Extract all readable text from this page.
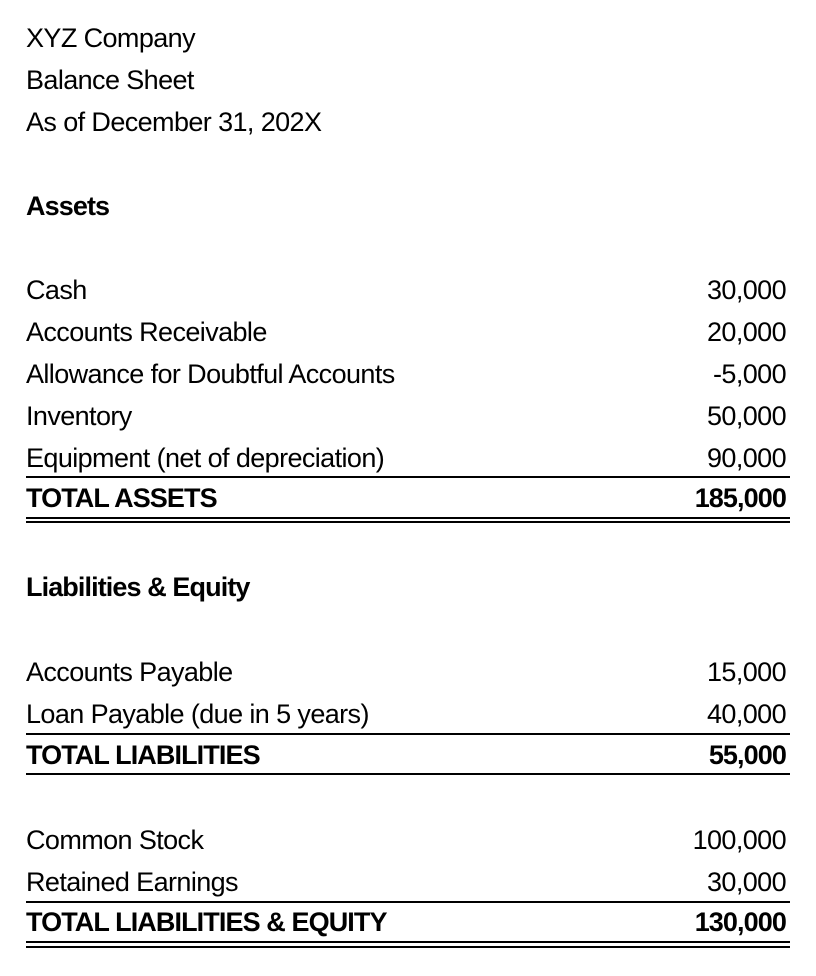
XYZ Company
Balance Sheet
As of December 31, 202X
Assets
Cash	30,000
Accounts Receivable	20,000
Allowance for Doubtful Accounts	-5,000
Inventory	50,000
Equipment (net of depreciation)	90,000
TOTAL ASSETS	185,000
Liabilities & Equity
Accounts Payable	15,000
Loan Payable (due in 5 years)	40,000
TOTAL LIABILITIES	55,000
Common Stock	100,000
Retained Earnings	30,000
TOTAL LIABILITIES & EQUITY	130,000
